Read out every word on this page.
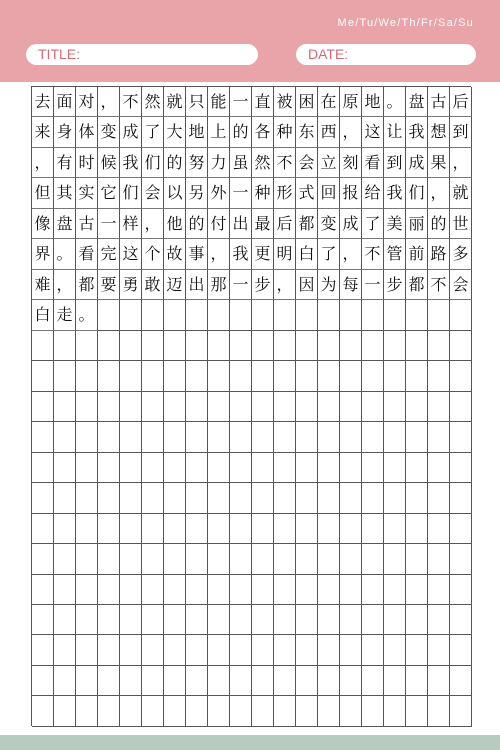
Me/Tu/We/Th/Fr/Sa/Su
TITLE:	DATE:
去 面 对 ， 不 然 就 只 能 一 直 被 困 在 原 地 。 盘 古 后
来 身 体 变 成 了 大 地 上 的 各 种 东 西 ， 这 让 我 想 到
， 有 时 候 我 们 的 努 力 虽 然 不 会 立 刻 看 到 成 果 ，
但 其 实 它 们 会 以 另 外 一 种 形 式 回 报 给 我 们 ， 就
像 盘 古 一 样 ， 他 的 付 出 最 后 都 变 成 了 美 丽 的 世
界 。 看 完 这 个 故 事 ， 我 更 明 白 了 ， 不 管 前 路 多
难 ， 都 要 勇 敢 迈 出 那 一 步 ， 因 为 每 一 步 都 不 会
白 走 。
